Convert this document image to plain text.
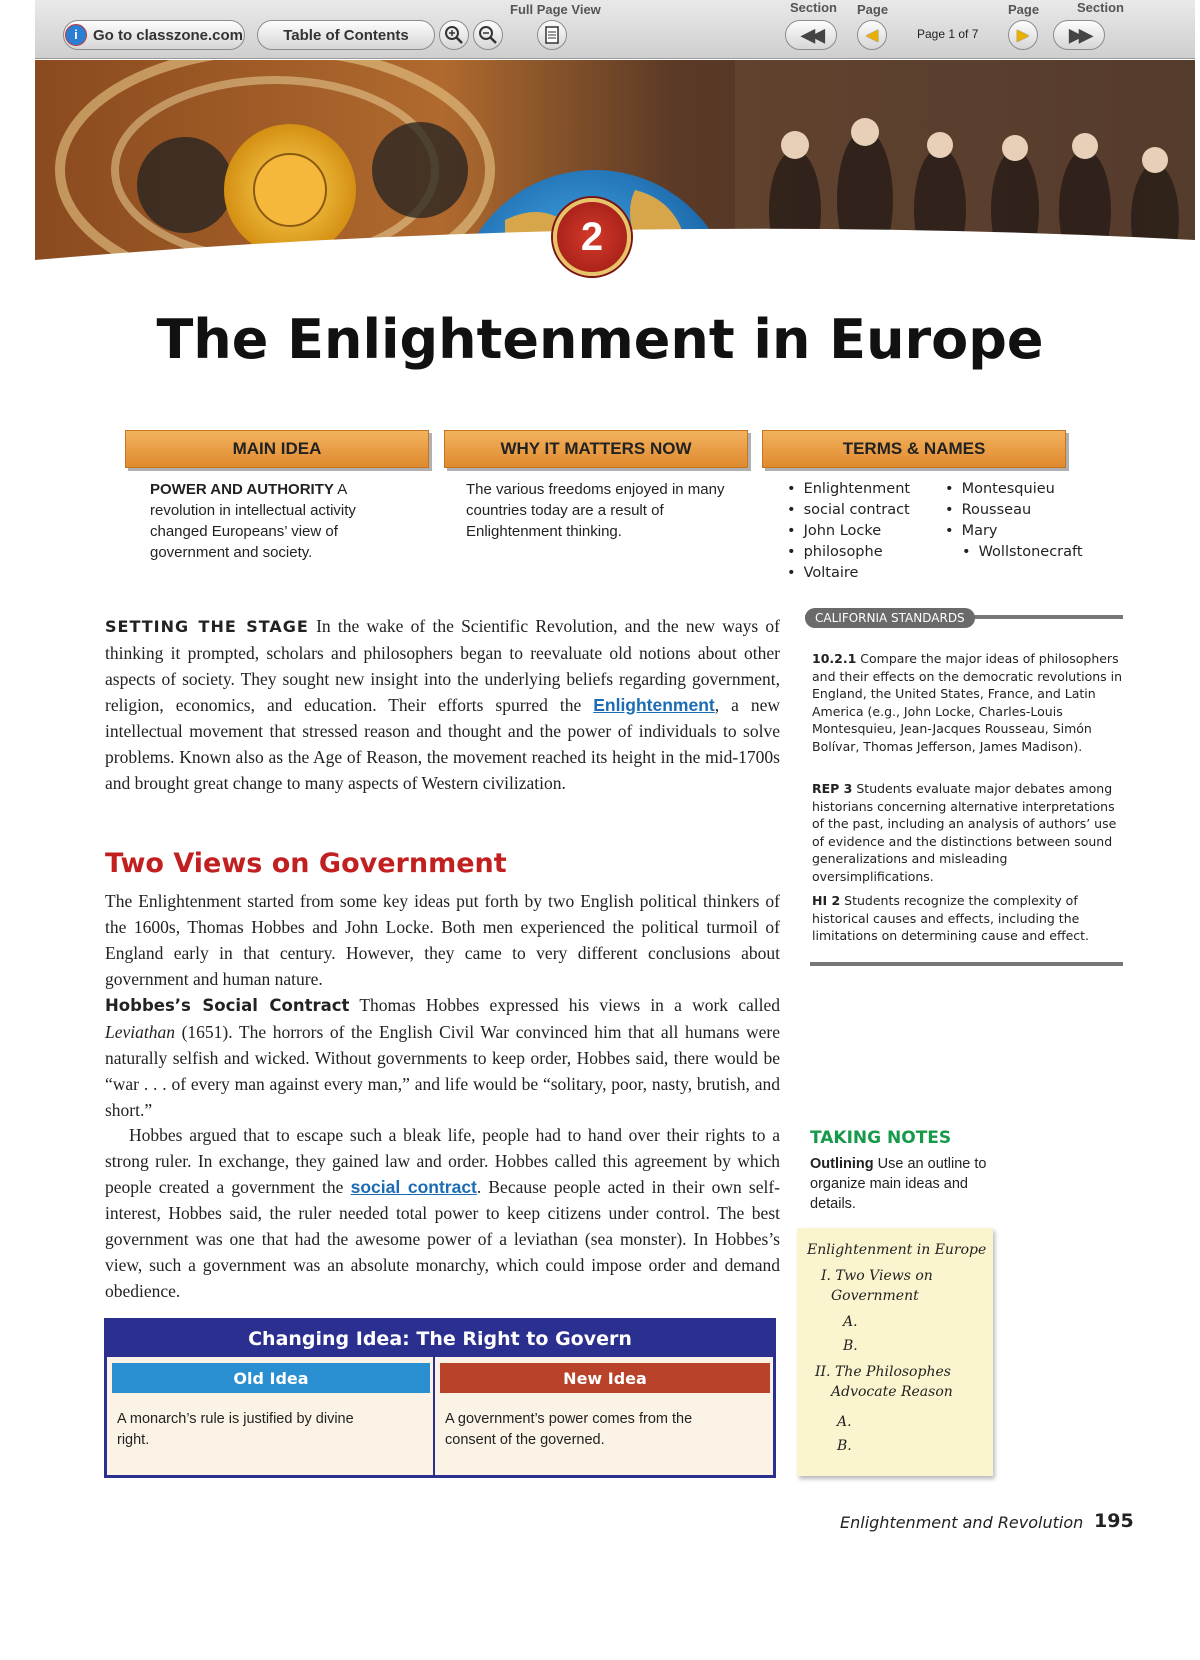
i	Go to classzone.com	Table of Contents
Full Page View	Section Page
◀◀	◀	Page 1 of 7
Page	Section
▶ ▶▶
2
The Enlightenment in Europe
MAIN IDEA	WHY IT MATTERS NOW	TERMS & NAMES
POWER AND AUTHORITY A revolution in intellectual activity changed Europeans’ view of government and society.
The various freedoms enjoyed in many countries today are a result of Enlightenment thinking.
• Enlightenment
• social contract
• John Locke
• philosophe
• Voltaire
• Montesquieu
• Rousseau
• Mary
• Wollstonecraft
SETTING THE STAGE In the wake of the Scientific Revolution, and the new ways of thinking it prompted, scholars and philosophers began to reevaluate old notions about other aspects of society. They sought new insight into the underlying beliefs regarding government, religion, economics, and education. Their efforts spurred the Enlightenment, a new intellectual movement that stressed reason and thought and the power of individuals to solve problems. Known also as the Age of Reason, the movement reached its height in the mid-1700s and brought great change to many aspects of Western civilization.
Two Views on Government
The Enlightenment started from some key ideas put forth by two English political thinkers of the 1600s, Thomas Hobbes and John Locke. Both men experienced the political turmoil of England early in that century. However, they came to very different conclusions about government and human nature.
Hobbes’s Social Contract Thomas Hobbes expressed his views in a work called Leviathan (1651). The horrors of the English Civil War convinced him that all humans were naturally selfish and wicked. Without governments to keep order, Hobbes said, there would be “war . . . of every man against every man,” and life would be “solitary, poor, nasty, brutish, and short.”
Hobbes argued that to escape such a bleak life, people had to hand over their rights to a strong ruler. In exchange, they gained law and order. Hobbes called this agreement by which people created a government the social contract. Because people acted in their own self-interest, Hobbes said, the ruler needed total power to keep citizens under control. The best government was one that had the awesome power of a leviathan (sea monster). In Hobbes’s view, such a government was an absolute monarchy, which could impose order and demand obedience.
Changing Idea: The Right to Govern
Old Idea	New Idea
A monarch’s rule is justified by divine right.
A government’s power comes from the consent of the governed.
CALIFORNIA STANDARDS
10.2.1 Compare the major ideas of philosophers and their effects on the democratic revolutions in England, the United States, France, and Latin America (e.g., John Locke, Charles-Louis Montesquieu, Jean-Jacques Rousseau, Simón Bolívar, Thomas Jefferson, James Madison).
REP 3 Students evaluate major debates among historians concerning alternative interpretations of the past, including an analysis of authors’ use of evidence and the distinctions between sound generalizations and misleading oversimplifications.
HI 2 Students recognize the complexity of historical causes and effects, including the limitations on determining cause and effect.
TAKING NOTES
Outlining Use an outline to organize main ideas and details.
Enlightenment in Europe
I. Two Views on
Government
A.
B.
II. The Philosophes
Advocate Reason
A.
B.
Enlightenment and Revolution 195
